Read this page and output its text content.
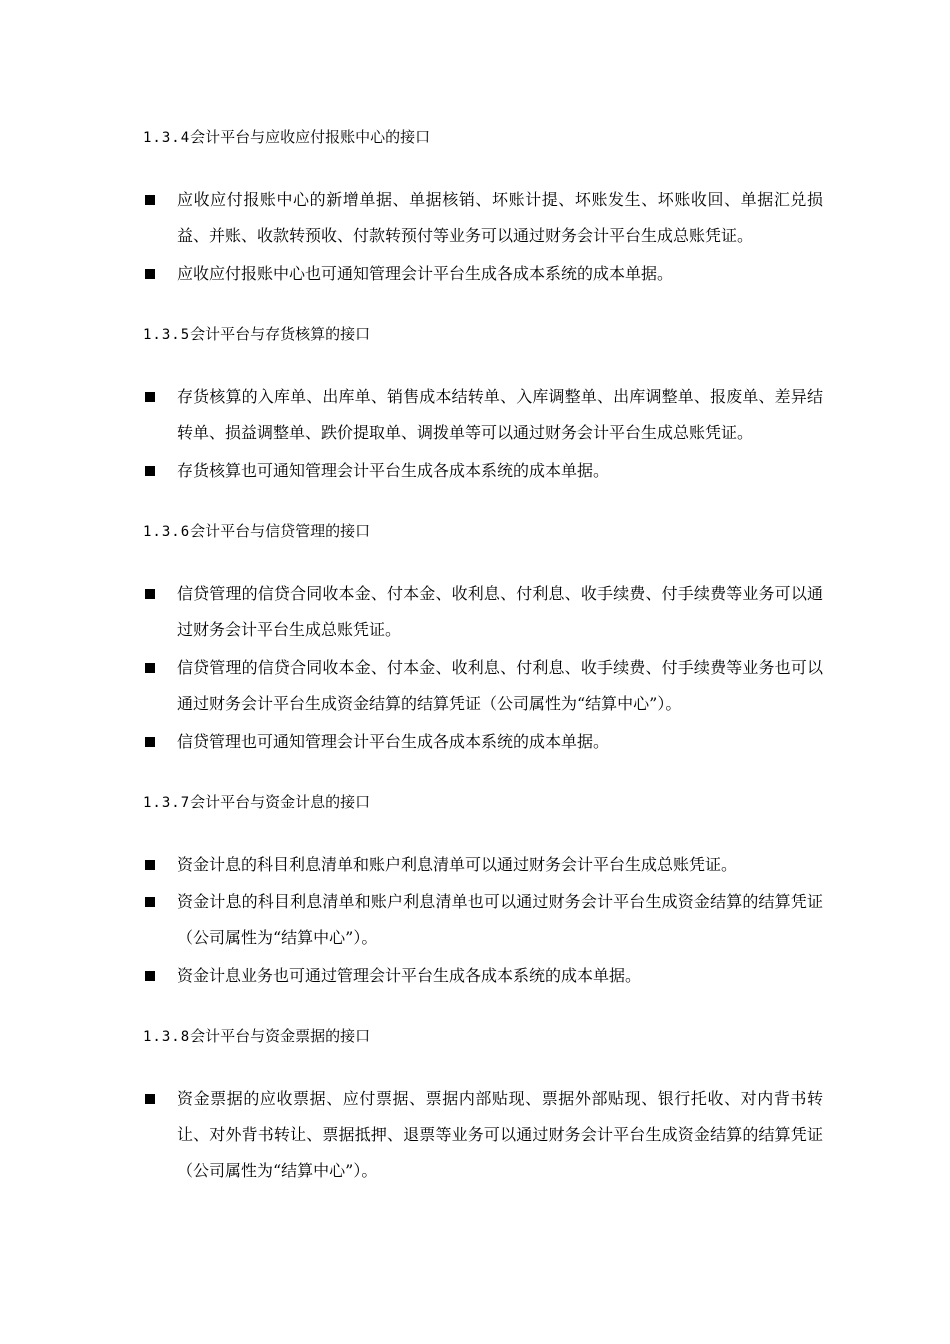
1.3.4会计平台与应收应付报账中心的接口
应收应付报账中心的新增单据、单据核销、坏账计提、坏账发生、坏账收回、单据汇兑损益、并账、收款转预收、付款转预付等业务可以通过财务会计平台生成总账凭证。
应收应付报账中心也可通知管理会计平台生成各成本系统的成本单据。
1.3.5会计平台与存货核算的接口
存货核算的入库单、出库单、销售成本结转单、入库调整单、出库调整单、报废单、差异结转单、损益调整单、跌价提取单、调拨单等可以通过财务会计平台生成总账凭证。
存货核算也可通知管理会计平台生成各成本系统的成本单据。
1.3.6会计平台与信贷管理的接口
信贷管理的信贷合同收本金、付本金、收利息、付利息、收手续费、付手续费等业务可以通过财务会计平台生成总账凭证。
信贷管理的信贷合同收本金、付本金、收利息、付利息、收手续费、付手续费等业务也可以通过财务会计平台生成资金结算的结算凭证（公司属性为“结算中心”）。
信贷管理也可通知管理会计平台生成各成本系统的成本单据。
1.3.7会计平台与资金计息的接口
资金计息的科目利息清单和账户利息清单可以通过财务会计平台生成总账凭证。
资金计息的科目利息清单和账户利息清单也可以通过财务会计平台生成资金结算的结算凭证（公司属性为“结算中心”）。
资金计息业务也可通过管理会计平台生成各成本系统的成本单据。
1.3.8会计平台与资金票据的接口
资金票据的应收票据、应付票据、票据内部贴现、票据外部贴现、银行托收、对内背书转让、对外背书转让、票据抵押、退票等业务可以通过财务会计平台生成资金结算的结算凭证（公司属性为“结算中心”）。
